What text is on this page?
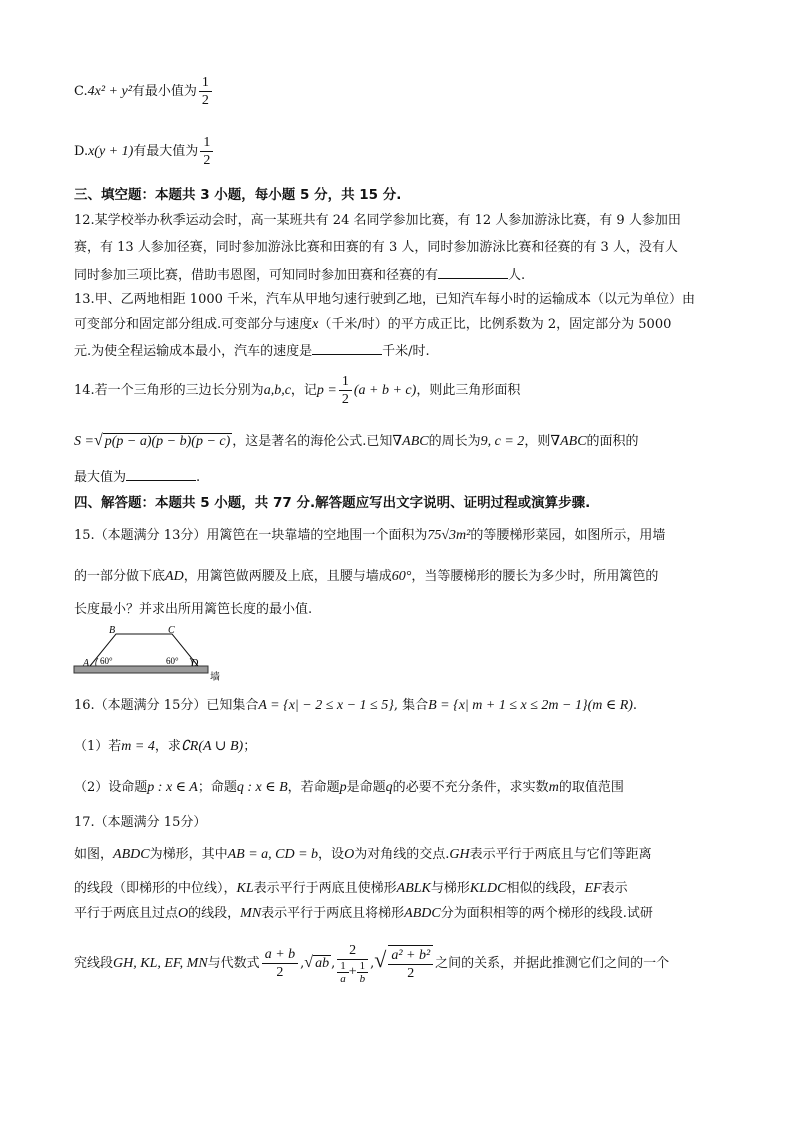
C.4x² + y²有最小值为 $\frac{1}{2}$
D.x(y + 1)有最大值为 $\frac{1}{2}$
三、填空题：本题共 3 小题，每小题 5 分，共 15 分.
12.某学校举办秋季运动会时，高一某班共有 24 名同学参加比赛，有 12 人参加游泳比赛，有 9 人参加田
赛，有 13 人参加径赛，同时参加游泳比赛和田赛的有 3 人，同时参加游泳比赛和径赛的有 3 人，没有人
同时参加三项比赛，借助韦恩图，可知同时参加田赛和径赛的有	人.
13.甲、乙两地相距 1000 千米，汽车从甲地匀速行驶到乙地，已知汽车每小时的运输成本（以元为单位）由
可变部分和固定部分组成.可变部分与速度x（千米/时）的平方成正比，比例系数为 2，固定部分为 5000
元.为使全程运输成本最小，汽车的速度是	千米/时.
14.若一个三角形的三边长分别为a,b,c，记$p = \frac{1}{2} (a + b + c)$，则此三角形面积
S =√ p(p − a)(p − b)(p − c) ，这是著名的海伦公式.已知∇ABC的周长为9, c = 2，则∇ABC的面积的
最大值为	.
四、解答题：本题共 5 小题，共 77 分.解答题应写出文字说明、证明过程或演算步骤.
15.（本题满分 13分）用篱笆在一块靠墙的空地围一个面积为75√3m²的等腰梯形菜园，如图所示，用墙
的一部分做下底AD，用篱笆做两腰及上底，且腰与墙成60°，当等腰梯形的腰长为多少时，所用篱笆的
长度最小？并求出所用篱笆长度的最小值.
B	C
A	D
60°	60°
墙
16.（本题满分 15分）已知集合A = {x| − 2 ≤ x − 1 ≤ 5}, 集合B = {x| m + 1 ≤ x ≤ 2m − 1}(m ∈ R).
（1）若m = 4，求∁R(A ∪ B)；
（2）设命题p : x ∈ A；命题q : x ∈ B，若命题p是命题q的必要不充分条件，求实数m的取值范围
17.（本题满分 15分）
如图，ABDC为梯形，其中AB = a, CD = b，设O为对角线的交点.GH表示平行于两底且与它们等距离
的线段（即梯形的中位线），KL表示平行于两底且使梯形ABLK与梯形KLDC相似的线段，EF表示
平行于两底且过点O的线段，MN表示平行于两底且将梯形ABDC分为面积相等的两个梯形的线段.试研
究线段GH, KL, EF, MN与代数式 $\frac{a + b}{2}$ ,√ ab , $\frac{2}{\frac{1}{a} + \frac{1}{b}}$ ,√ $\frac{\text{a² + b²}}{2}$ 之间的关系，并据此推测它们之间的一个
